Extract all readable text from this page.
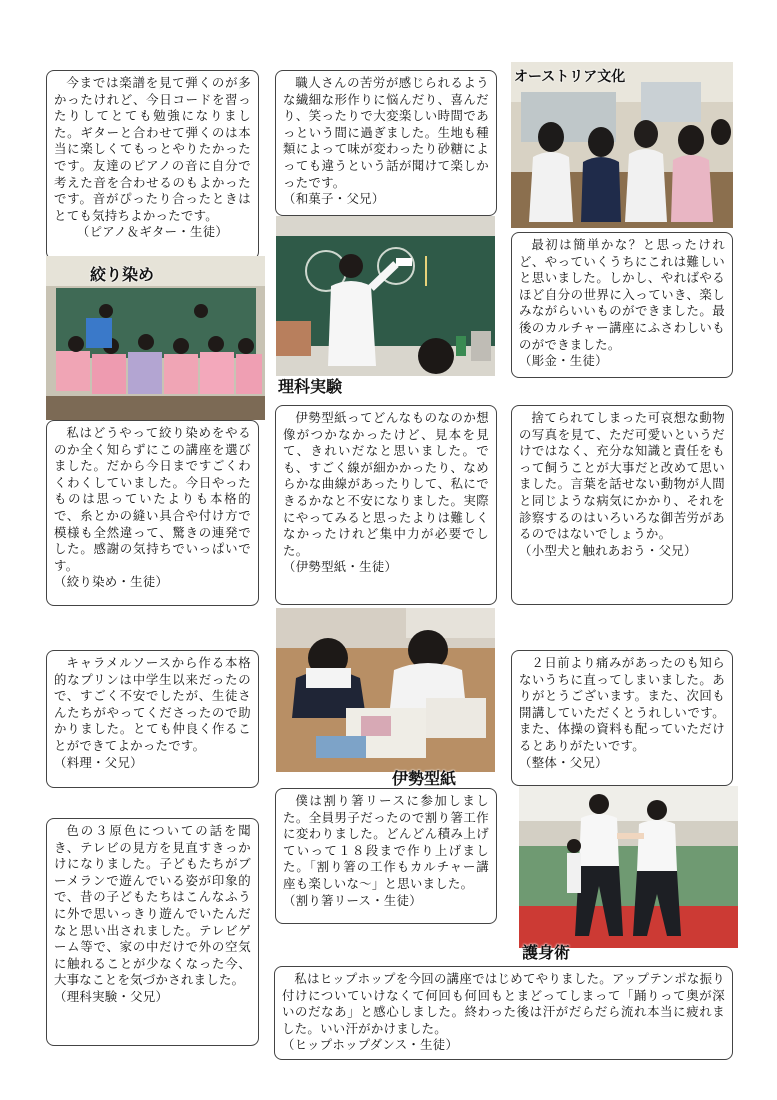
今までは楽譜を見て弾くのが多かったけれど、今日コードを習ったりしてとても勉強になりました。ギターと合わせて弾くのは本当に楽しくてもっとやりたかったです。友達のピアノの音に自分で考えた音を合わせるのもよかったです。音がぴったり合ったときはとても気持ちよかったです。

（ピアノ＆ギター・生徒）

職人さんの苦労が感じられるような繊細な形作りに悩んだり、喜んだり、笑ったりで大変楽しい時間であっという間に過ぎました。生地も種類によって味が変わったり砂糖によっても違うという話が聞けて楽しかったです。

（和菓子・父兄）

最初は簡単かな？と思ったけれど、やっていくうちにこれは難しいと思いました。しかし、やればやるほど自分の世界に入っていき、楽しみながらいいものができました。最後のカルチャー講座にふさわしいものができました。

（彫金・生徒）

私はどうやって絞り染めをやるのか全く知らずにこの講座を選びました。だから今日まですごくわくわくしていました。今日やったものは思っていたよりも本格的で、糸とかの縫い具合や付け方で模様も全然違って、驚きの連発でした。感謝の気持ちでいっぱいです。

（絞り染め・生徒）

伊勢型紙ってどんなものなのか想像がつかなかったけど、見本を見て、きれいだなと思いました。でも、すごく線が細かかったり、なめらかな曲線があったりして、私にできるかなと不安になりました。実際にやってみると思ったよりは難しくなかったけれど集中力が必要でした。

（伊勢型紙・生徒）

捨てられてしまった可哀想な動物の写真を見て、ただ可愛いというだけではなく、充分な知識と責任をもって飼うことが大事だと改めて思いました。言葉を話せない動物が人間と同じような病気にかかり、それを診察するのはいろいろな御苦労があるのではないでしょうか。

（小型犬と触れあおう・父兄）

キャラメルソースから作る本格的なプリンは中学生以来だったので、すごく不安でしたが、生徒さんたちがやってくださったので助かりました。とても仲良く作ることができてよかったです。

（料理・父兄）

２日前より痛みがあったのも知らないうちに直ってしまいました。ありがとうございます。また、次回も開講していただくとうれしいです。また、体操の資料も配っていただけるとありがたいです。

（整体・父兄）

色の３原色についての話を聞き、テレビの見方を見直すきっかけになりました。子どもたちがブーメランで遊んでいる姿が印象的で、昔の子どもたちはこんなふうに外で思いっきり遊んでいたんだなと思い出されました。テレビゲーム等で、家の中だけで外の空気に触れることが少なくなった今、大事なことを気づかされました。

（理科実験・父兄）

僕は割り箸リースに参加しました。全員男子だったので割り箸工作に変わりました。どんどん積み上げていって１８段まで作り上げました。「割り箸の工作もカルチャー講座も楽しいな～」と思いました。

（割り箸リース・生徒）

私はヒップホップを今回の講座ではじめてやりました。アップテンポな振り付けについていけなくて何回も何回もとまどってしまって「踊りって奥が深いのだなあ」と感心しました。終わった後は汗がだらだら流れ本当に疲れました。いい汗がかけました。

（ヒップホップダンス・生徒）
オーストリア文化
絞り染め
理科実験
伊勢型紙
護身術
